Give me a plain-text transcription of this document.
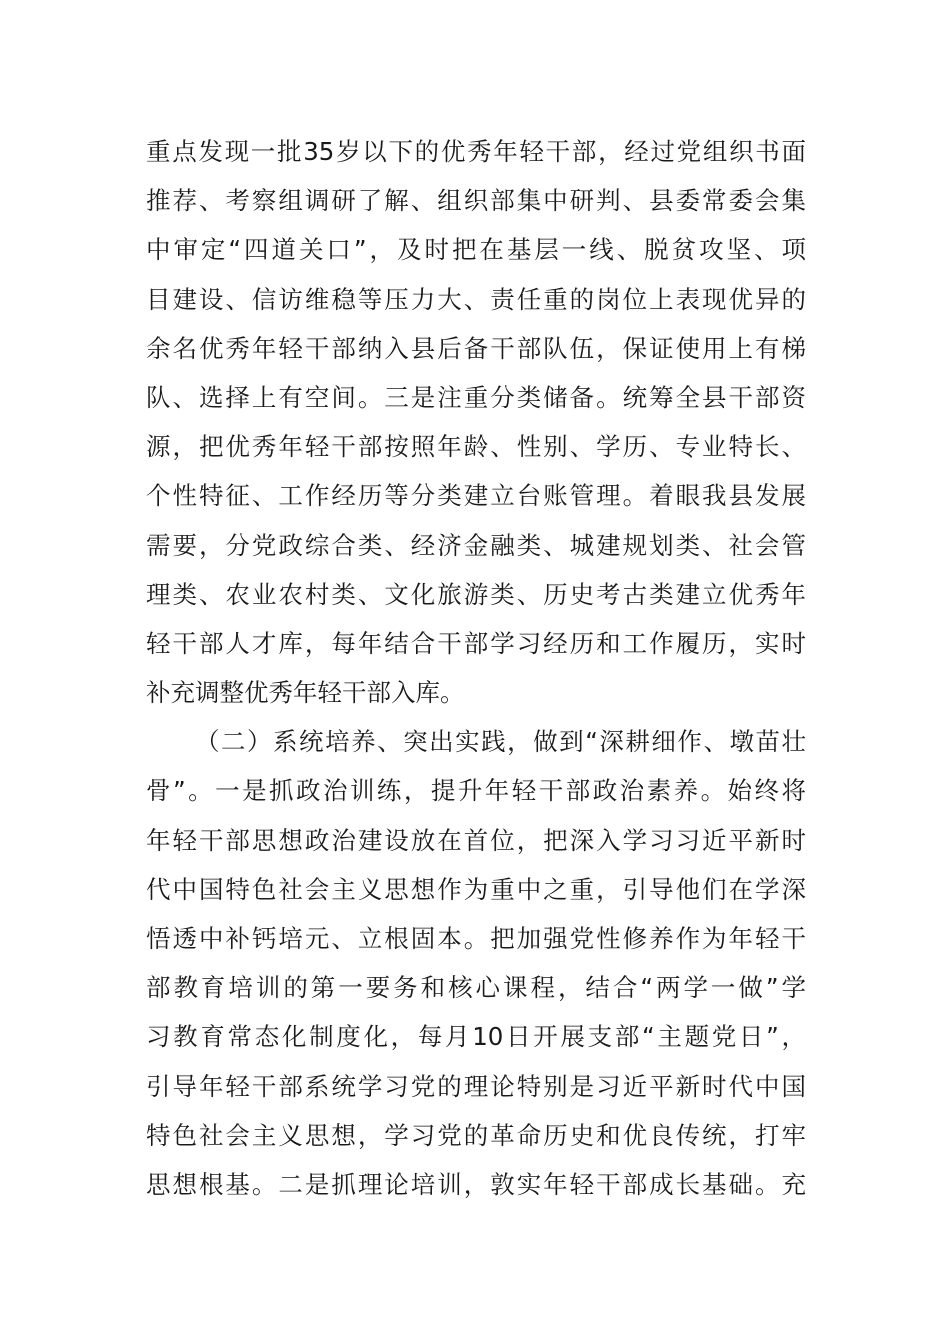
重点发现一批35岁以下的优秀年轻干部，经过党组织书面
推荐、考察组调研了解、组织部集中研判、县委常委会集
中审定“四道关口”，及时把在基层一线、脱贫攻坚、项
目建设、信访维稳等压力大、责任重的岗位上表现优异的
余名优秀年轻干部纳入县后备干部队伍，保证使用上有梯
队、选择上有空间。三是注重分类储备。统筹全县干部资
源，把优秀年轻干部按照年龄、性别、学历、专业特长、
个性特征、工作经历等分类建立台账管理。着眼我县发展
需要，分党政综合类、经济金融类、城建规划类、社会管
理类、农业农村类、文化旅游类、历史考古类建立优秀年
轻干部人才库，每年结合干部学习经历和工作履历，实时
补充调整优秀年轻干部入库。
（二）系统培养、突出实践，做到“深耕细作、墩苗壮
骨”。一是抓政治训练，提升年轻干部政治素养。始终将
年轻干部思想政治建设放在首位，把深入学习习近平新时
代中国特色社会主义思想作为重中之重，引导他们在学深
悟透中补钙培元、立根固本。把加强党性修养作为年轻干
部教育培训的第一要务和核心课程，结合“两学一做”学
习教育常态化制度化，每月10日开展支部“主题党日”，
引导年轻干部系统学习党的理论特别是习近平新时代中国
特色社会主义思想，学习党的革命历史和优良传统，打牢
思想根基。二是抓理论培训，敦实年轻干部成长基础。充
